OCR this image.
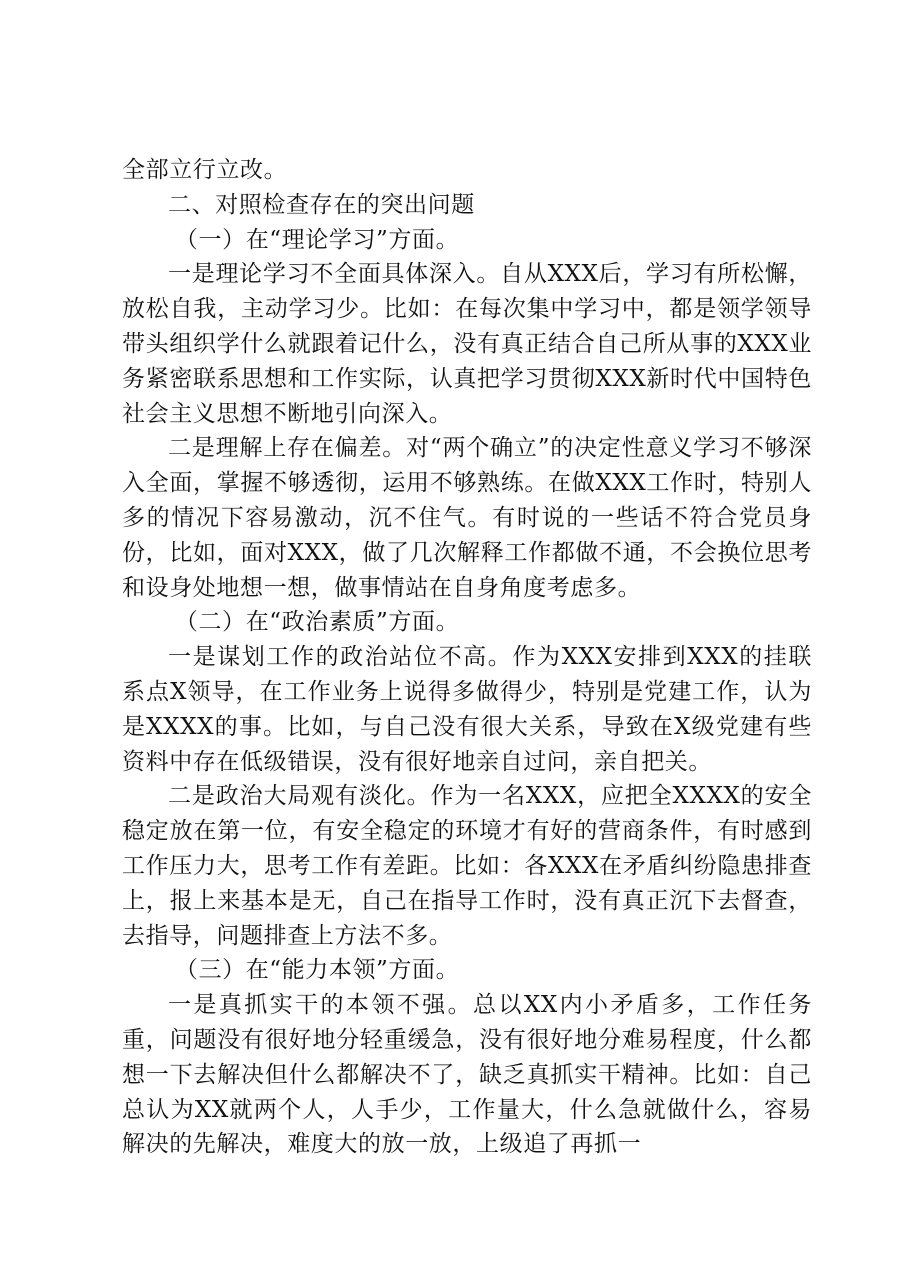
全部立行立改。

二、对照检查存在的突出问题

（一）在“理论学习”方面。

一是理论学习不全面具体深入。自从XXX后，学习有所松懈，放松自我，主动学习少。比如：在每次集中学习中，都是领学领导带头组织学什么就跟着记什么，没有真正结合自己所从事的XXX业务紧密联系思想和工作实际，认真把学习贯彻XXX新时代中国特色社会主义思想不断地引向深入。

二是理解上存在偏差。对“两个确立”的决定性意义学习不够深入全面，掌握不够透彻，运用不够熟练。在做XXX工作时，特别人多的情况下容易激动，沉不住气。有时说的一些话不符合党员身份，比如，面对XXX，做了几次解释工作都做不通，不会换位思考和设身处地想一想，做事情站在自身角度考虑多。

（二）在“政治素质”方面。

一是谋划工作的政治站位不高。作为XXX安排到XXX的挂联系点X领导，在工作业务上说得多做得少，特别是党建工作，认为是XXXX的事。比如，与自己没有很大关系，导致在X级党建有些资料中存在低级错误，没有很好地亲自过问，亲自把关。

二是政治大局观有淡化。作为一名XXX，应把全XXXX的安全稳定放在第一位，有安全稳定的环境才有好的营商条件，有时感到工作压力大，思考工作有差距。比如：各XXX在矛盾纠纷隐患排查上，报上来基本是无，自己在指导工作时，没有真正沉下去督查，去指导，问题排查上方法不多。

（三）在“能力本领”方面。

一是真抓实干的本领不强。总以XX内小矛盾多，工作任务重，问题没有很好地分轻重缓急，没有很好地分难易程度，什么都想一下去解决但什么都解决不了，缺乏真抓实干精神。比如：自己总认为XX就两个人，人手少，工作量大，什么急就做什么，容易解决的先解决，难度大的放一放，上级追了再抓一
